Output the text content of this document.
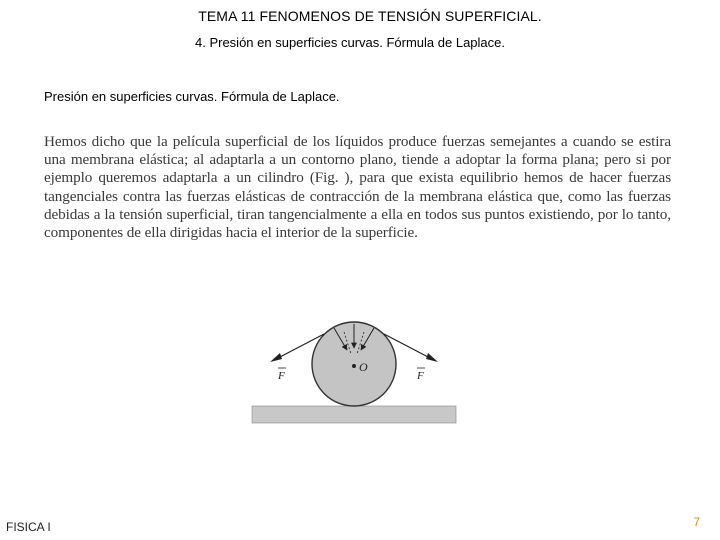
TEMA 11 FENOMENOS DE TENSIÓN SUPERFICIAL.
4. Presión en superficies curvas. Fórmula de Laplace.
Presión en superficies curvas. Fórmula de Laplace.
Hemos dicho que la película superficial de los líquidos produce fuerzas semejantes a cuando se estira una membrana elástica; al adaptarla a un contorno plano, tiende a adoptar la forma plana; pero si por ejemplo queremos adaptarla a un cilindro (Fig. ), para que exista equilibrio hemos de hacer fuerzas tangenciales contra las fuerzas elásticas de contracción de la membrana elástica que, como las fuerzas debidas a la tensión superficial, tiran tangencialmente a ella en todos sus puntos existiendo, por lo tanto, componentes de ella dirigidas hacia el interior de la superficie.
O
F	F
FISICA I	7
